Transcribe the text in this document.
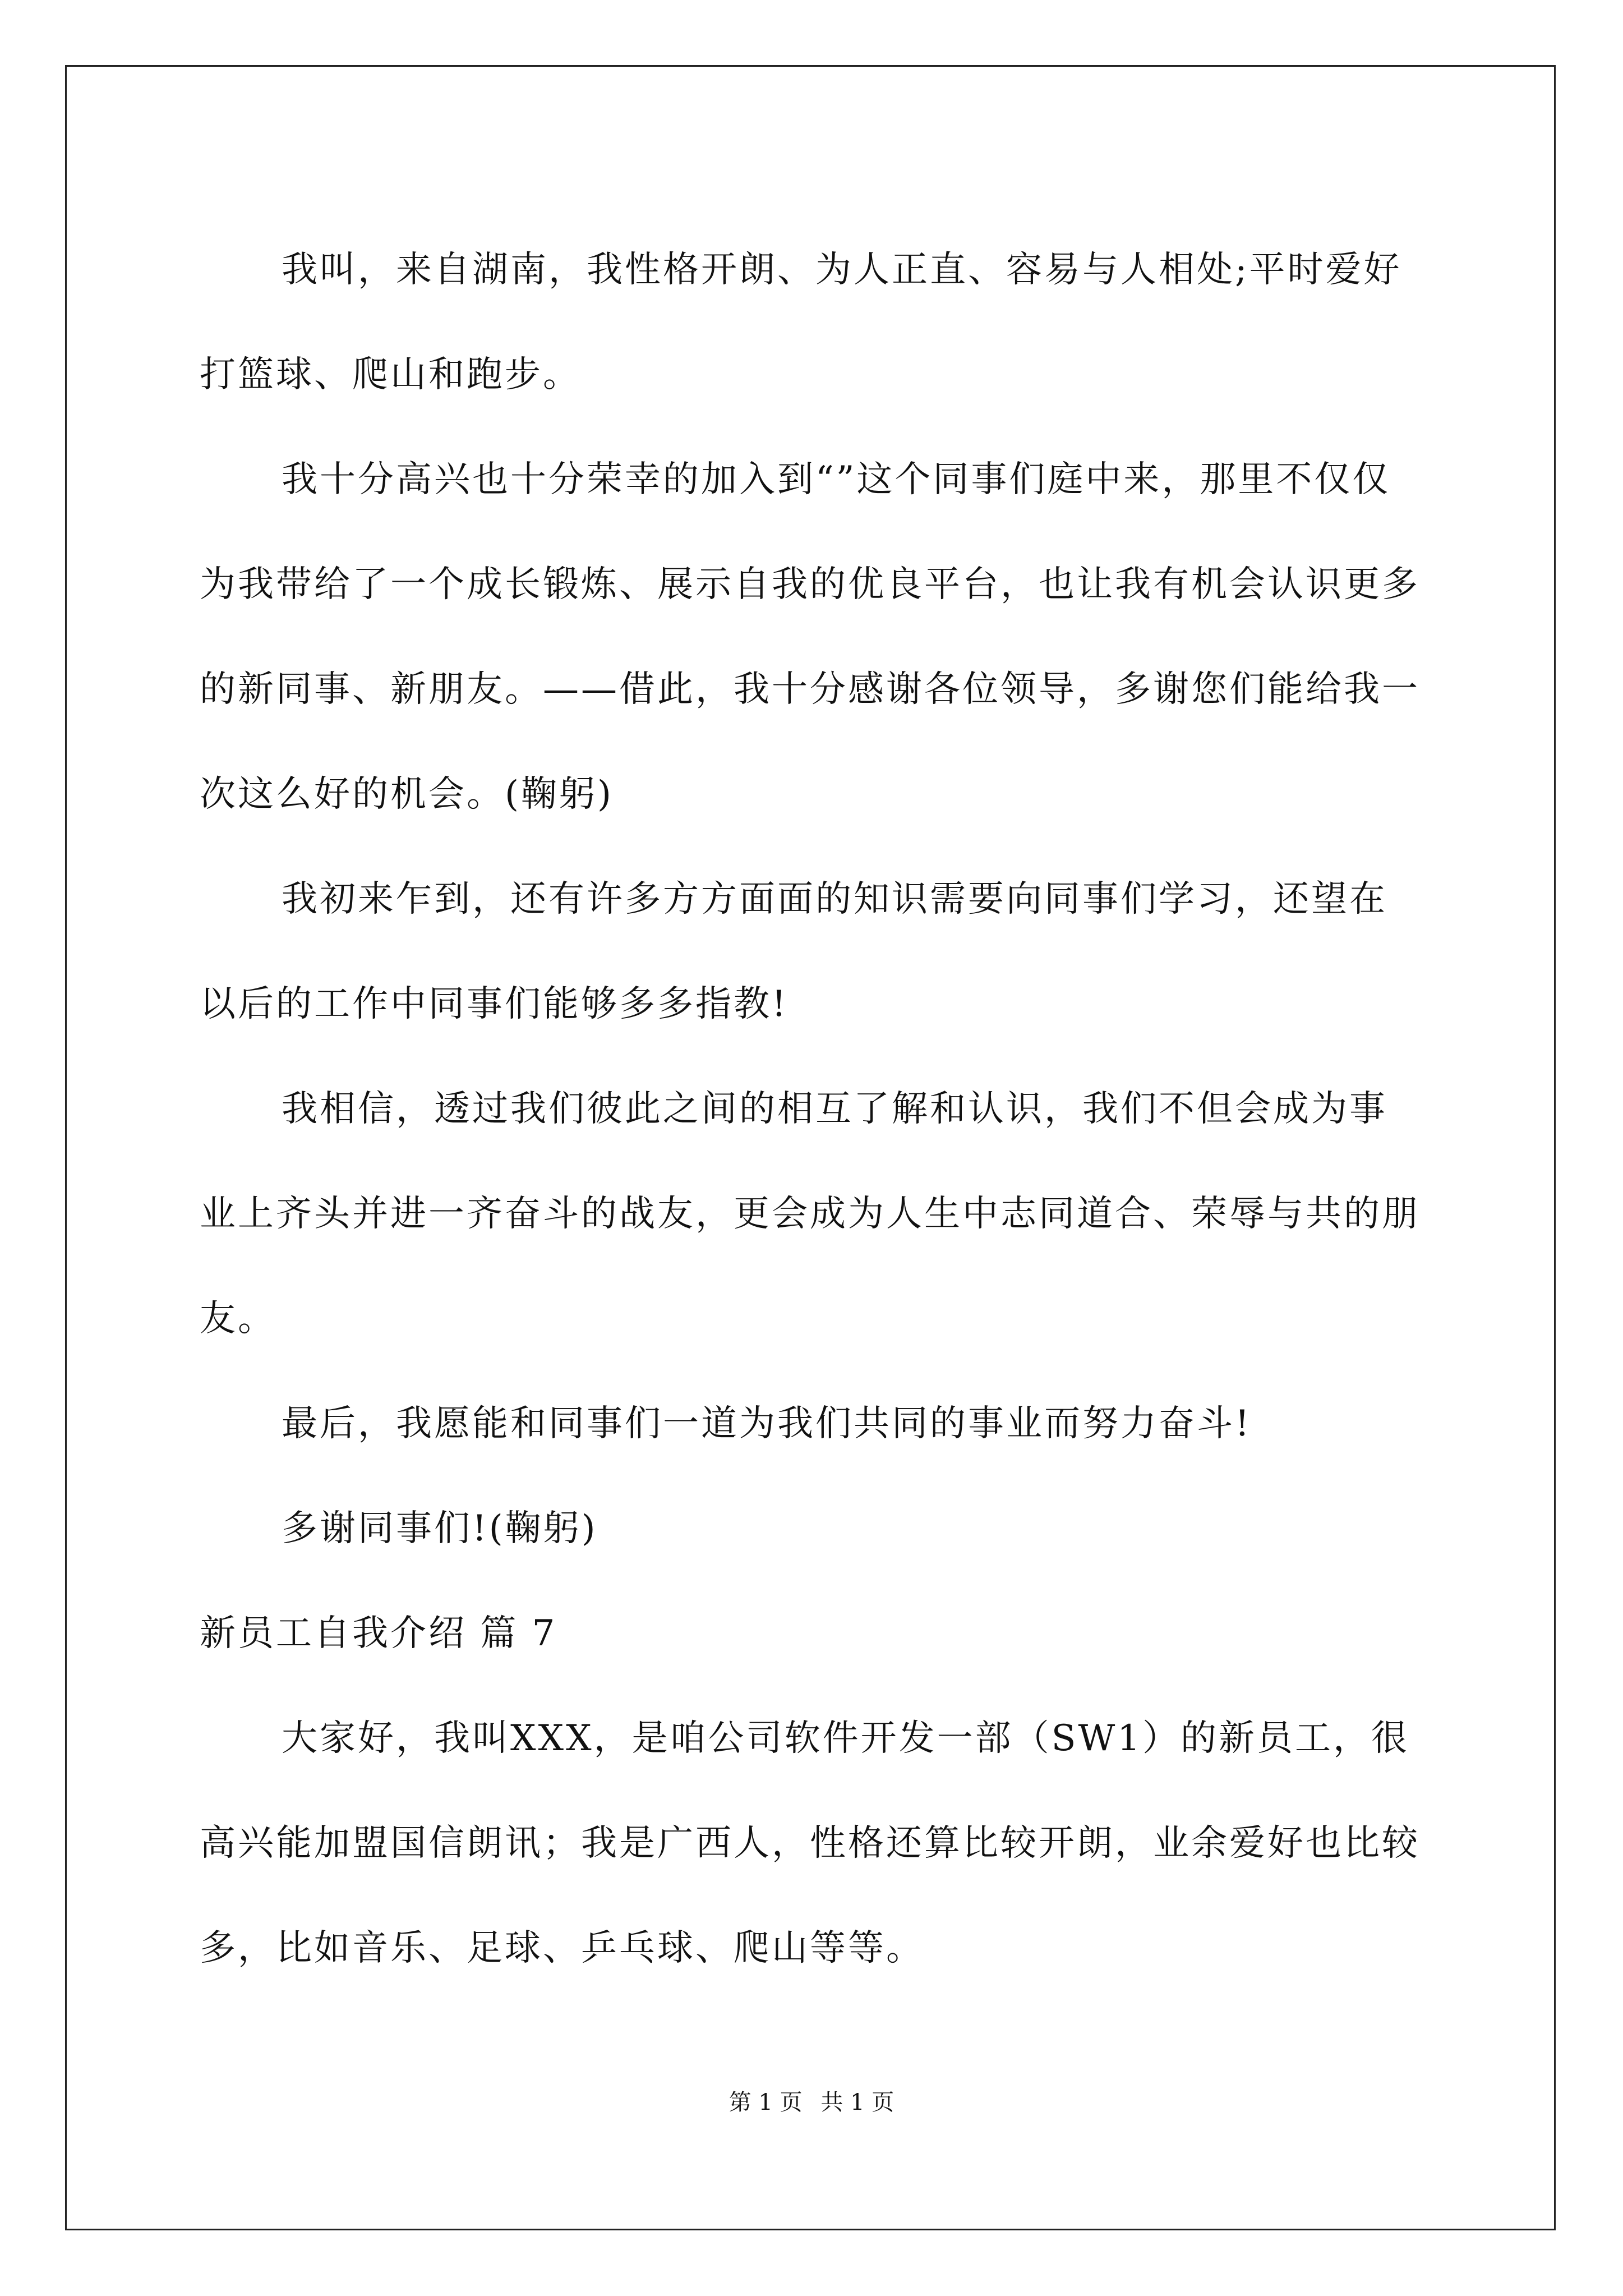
我叫，来自湖南，我性格开朗、为人正直、容易与人相处;平时爱好打篮球、爬山和跑步。

我十分高兴也十分荣幸的加入到“”这个同事们庭中来，那里不仅仅为我带给了一个成长锻炼、展示自我的优良平台，也让我有机会认识更多的新同事、新朋友。——借此，我十分感谢各位领导，多谢您们能给我一次这么好的机会。(鞠躬)

我初来乍到，还有许多方方面面的知识需要向同事们学习，还望在以后的工作中同事们能够多多指教!

我相信，透过我们彼此之间的相互了解和认识，我们不但会成为事业上齐头并进一齐奋斗的战友，更会成为人生中志同道合、荣辱与共的朋友。

最后，我愿能和同事们一道为我们共同的事业而努力奋斗!

多谢同事们!(鞠躬)

新员工自我介绍 篇 7

大家好，我叫XXX，是咱公司软件开发一部（SW1）的新员工，很高兴能加盟国信朗讯；我是广西人，性格还算比较开朗，业余爱好也比较多，比如音乐、足球、乒乓球、爬山等等。

第 1 页 共 1 页
